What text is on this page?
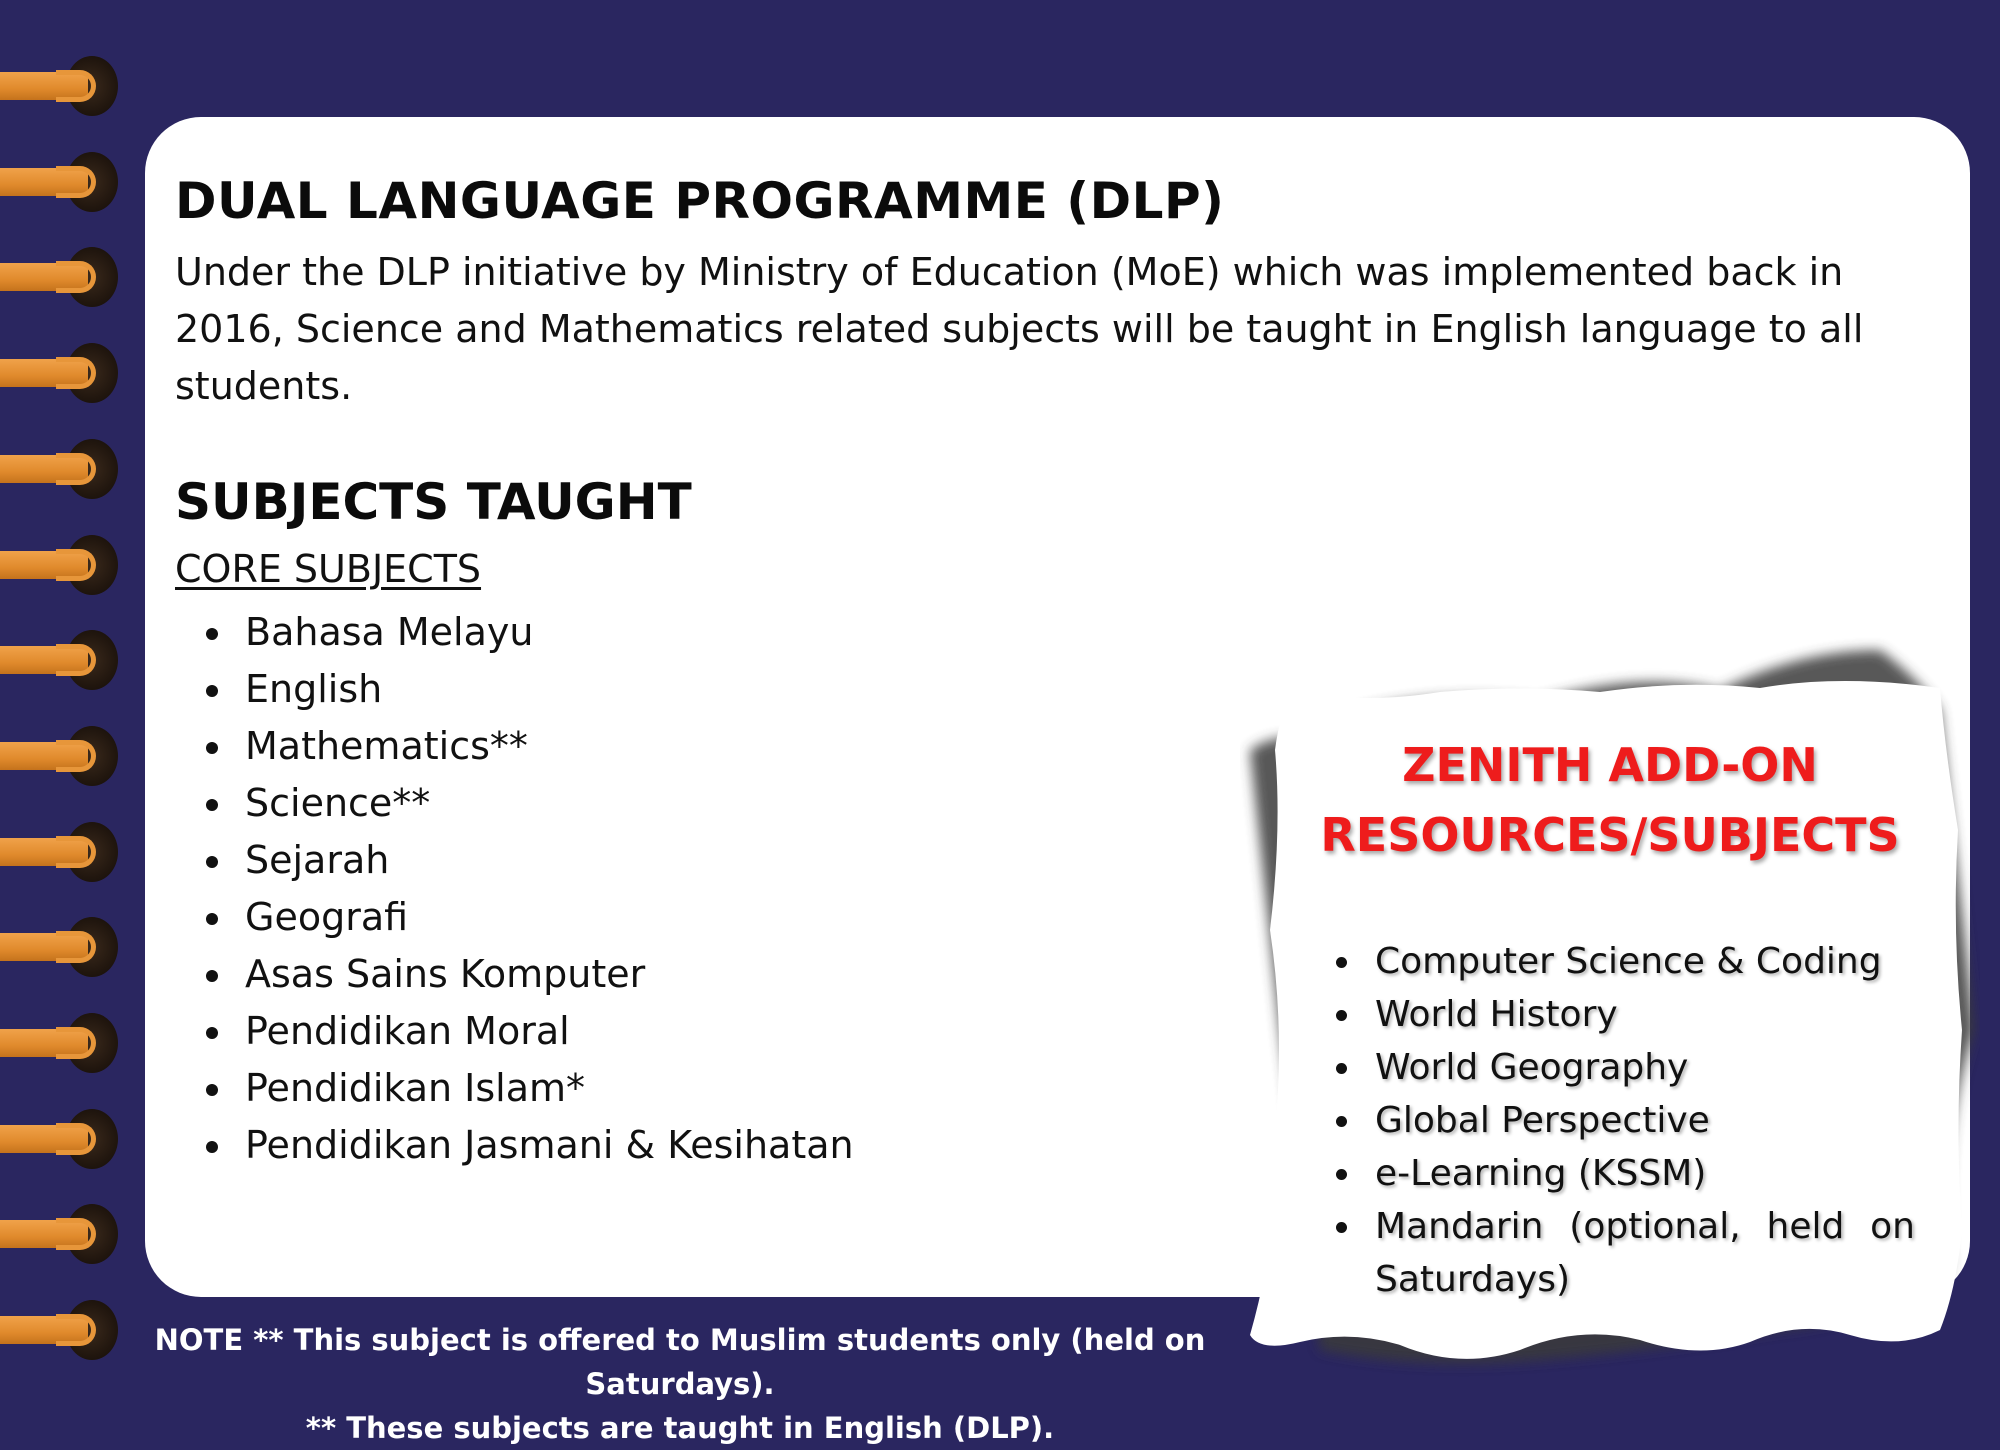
DUAL LANGUAGE PROGRAMME (DLP)
Under the DLP initiative by Ministry of Education (MoE) which was implemented back in 2016, Science and Mathematics related subjects will be taught in English language to all students.
SUBJECTS TAUGHT
CORE SUBJECTS
Bahasa Melayu
English
Mathematics**
Science**
Sejarah
Geografi
Asas Sains Komputer
Pendidikan Moral
Pendidikan Islam*
Pendidikan Jasmani & Kesihatan
ZENITH ADD-ON
RESOURCES/SUBJECTS
Computer Science & Coding
World History
World Geography
Global Perspective
e-Learning (KSSM)
Mandarin (optional, held on Saturdays)
NOTE ** This subject is offered to Muslim students only (held on Saturdays).
** These subjects are taught in English (DLP).
